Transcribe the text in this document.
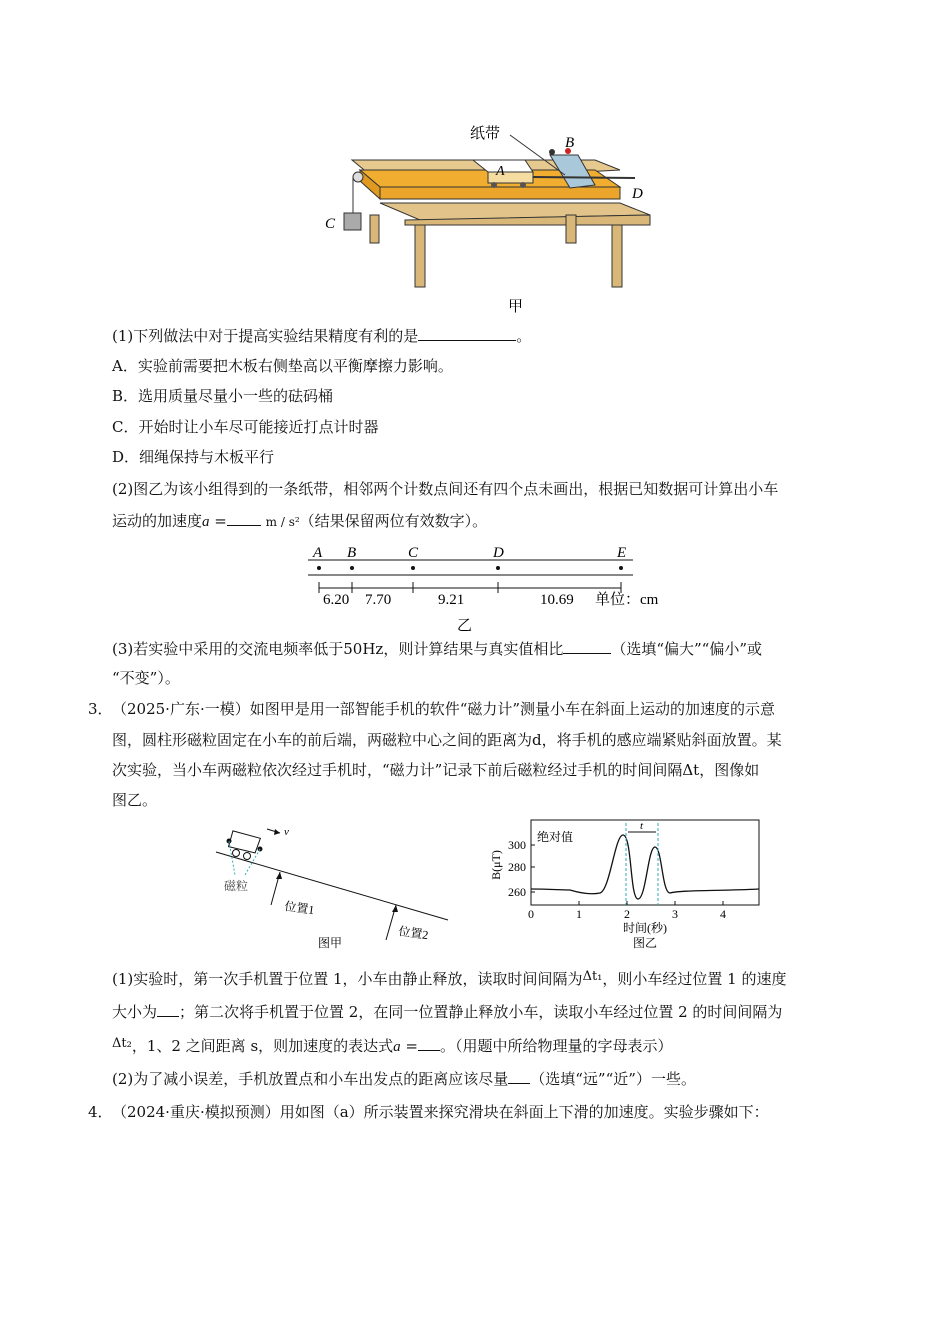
纸带
B
A
C
D
甲
(1)下列做法中对于提高实验结果精度有利的是	。
A．实验前需要把木板右侧垫高以平衡摩擦力影响。
B．选用质量尽量小一些的砝码桶
C．开始时让小车尽可能接近打点计时器
D．细绳保持与木板平行
(2)图乙为该小组得到的一条纸带，相邻两个计数点间还有四个点未画出，根据已知数据可计算出小车
运动的加速度a =	m / s²（结果保留两位有效数字）。
A B	C	D	E
6.20 7.70	9.21	10.69 单位：cm
乙
(3)若实验中采用的交流电频率低于50Hz，则计算结果与真实值相比	（选填“偏大”“偏小”或
“不变”）。
3． （2025·广东·一模）如图甲是用一部智能手机的软件“磁力计”测量小车在斜面上运动的加速度的示意
图，圆柱形磁粒固定在小车的前后端，两磁粒中心之间的距离为d，将手机的感应端紧贴斜面放置。某
次实验，当小车两磁粒依次经过手机时，“磁力计”记录下前后磁粒经过手机的时间间隔Δt，图像如
图乙。
v
磁粒
位置1
位置2
图甲
绝对值
300
280
260
0	1	2	3	4
时间(秒)
图乙
B(μT)
t
(1)实验时，第一次手机置于位置 1，小车由静止释放，读取时间间隔为Δt₁，则小车经过位置 1 的速度
大小为 ；第二次将手机置于位置 2，在同一位置静止释放小车，读取小车经过位置 2 的时间间隔为
Δt₂，1、2 之间距离 s，则加速度的表达式a = 。（用题中所给物理量的字母表示）
(2)为了减小误差，手机放置点和小车出发点的距离应该尽量 （选填“远”“近”）一些。
4． （2024·重庆·模拟预测）用如图（a）所示装置来探究滑块在斜面上下滑的加速度。实验步骤如下：
